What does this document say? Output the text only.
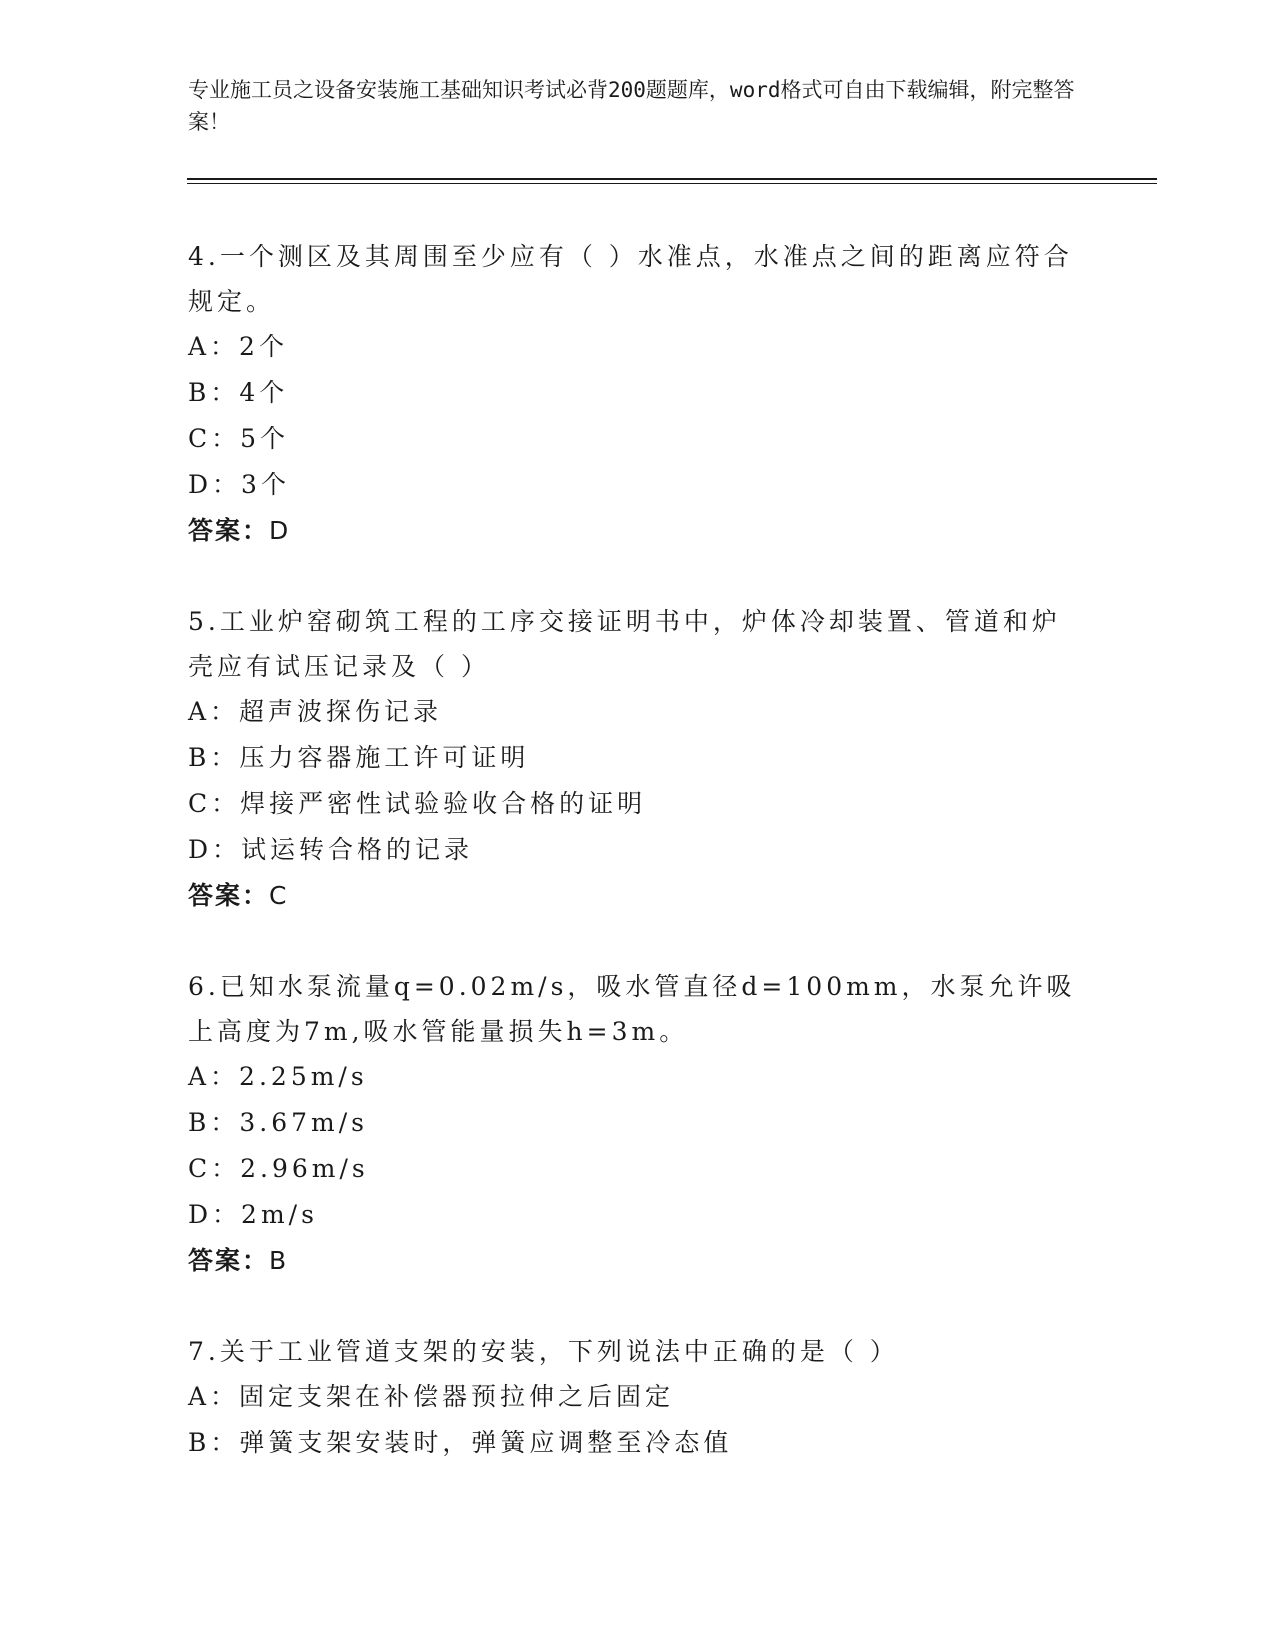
专业施工员之设备安装施工基础知识考试必背200题题库，word格式可自由下载编辑，附完整答案！
4.一个测区及其周围至少应有（ ）水准点，水准点之间的距离应符合规定。
A：2个
B：4个
C：5个
D：3个
答案：D
5.工业炉窑砌筑工程的工序交接证明书中，炉体冷却装置、管道和炉壳应有试压记录及（ ）
A：超声波探伤记录
B：压力容器施工许可证明
C：焊接严密性试验验收合格的证明
D：试运转合格的记录
答案：C
6.已知水泵流量q=0.02m/s，吸水管直径d=100mm，水泵允许吸上高度为7m,吸水管能量损失h=3m。
A：2.25m/s
B：3.67m/s
C：2.96m/s
D：2m/s
答案：B
7.关于工业管道支架的安装，下列说法中正确的是（ ）
A：固定支架在补偿器预拉伸之后固定
B：弹簧支架安装时，弹簧应调整至冷态值
